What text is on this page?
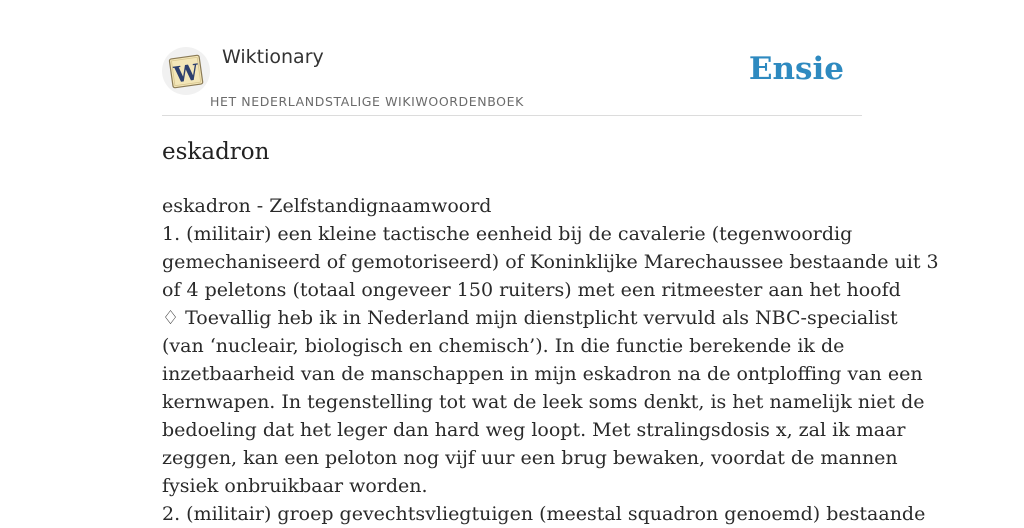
W
Wiktionary
HET NEDERLANDSTALIGE WIKIWOORDENBOEK
Ensie
eskadron

eskadron - Zelfstandignaamwoord

1. (militair) een kleine tactische eenheid bij de cavalerie (tegenwoordig
gemechaniseerd of gemotoriseerd) of Koninklijke Marechaussee bestaande uit 3
of 4 peletons (totaal ongeveer 150 ruiters) met een ritmeester aan het hoofd

♢ Toevallig heb ik in Nederland mijn dienstplicht vervuld als NBC-specialist
(van ‘nucleair, biologisch en chemisch’). In die functie berekende ik de
inzetbaarheid van de manschappen in mijn eskadron na de ontploffing van een
kernwapen. In tegenstelling tot wat de leek soms denkt, is het namelijk niet de
bedoeling dat het leger dan hard weg loopt. Met stralingsdosis x, zal ik maar
zeggen, kan een peloton nog vijf uur een brug bewaken, voordat de mannen
fysiek onbruikbaar worden.

2. (militair) groep gevechtsvliegtuigen (meestal squadron genoemd) bestaande
